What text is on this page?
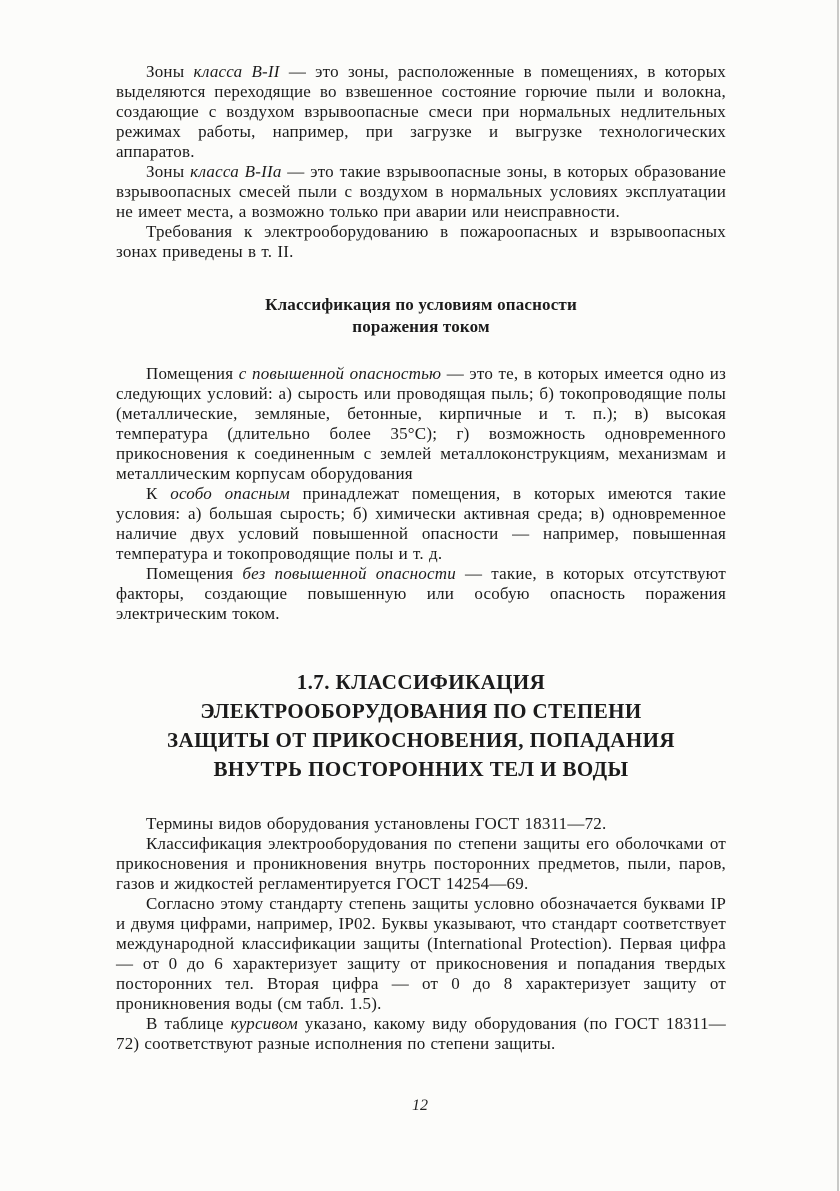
Зоны класса В-II — это зоны, расположенные в помещениях, в которых выделяются переходящие во взвешенное состояние горючие пыли и волокна, создающие с воздухом взрывоопасные смеси при нормальных недлительных режимах работы, например, при загрузке и выгрузке технологических аппаратов.

Зоны класса В-IIа — это такие взрывоопасные зоны, в которых образование взрывоопасных смесей пыли с воздухом в нормальных условиях эксплуатации не имеет места, а возможно только при аварии или неисправности.

Требования к электрооборудованию в пожароопасных и взрывоопасных зонах приведены в т. II.

Классификация по условиям опасности
поражения током

Помещения с повышенной опасностью — это те, в которых имеется одно из следующих условий: а) сырость или проводящая пыль; б) токопроводящие полы (металлические, земляные, бетонные, кирпичные и т. п.); в) высокая температура (длительно более 35°С); г) возможность одновременного прикосновения к соединенным с землей металлоконструкциям, механизмам и металлическим корпусам оборудования

К особо опасным принадлежат помещения, в которых имеются такие условия: а) большая сырость; б) химически активная среда; в) одновременное наличие двух условий повышенной опасности — например, повышенная температура и токопроводящие полы и т. д.

Помещения без повышенной опасности — такие, в которых отсутствуют факторы, создающие повышенную или особую опасность поражения электрическим током.

1.7. КЛАССИФИКАЦИЯ
ЭЛЕКТРООБОРУДОВАНИЯ ПО СТЕПЕНИ
ЗАЩИТЫ ОТ ПРИКОСНОВЕНИЯ, ПОПАДАНИЯ
ВНУТРЬ ПОСТОРОННИХ ТЕЛ И ВОДЫ

Термины видов оборудования установлены ГОСТ 18311—72.

Классификация электрооборудования по степени защиты его оболочками от прикосновения и проникновения внутрь посторонних предметов, пыли, паров, газов и жидкостей регламентируется ГОСТ 14254—69.

Согласно этому стандарту степень защиты условно обозначается буквами IP и двумя цифрами, например, IP02. Буквы указывают, что стандарт соответствует международной классификации защиты (International Protection). Первая цифра — от 0 до 6 характеризует защиту от прикосновения и попадания твердых посторонних тел. Вторая цифра — от 0 до 8 характеризует защиту от проникновения воды (см табл. 1.5).

В таблице курсивом указано, какому виду оборудования (по ГОСТ 18311—72) соответствуют разные исполнения по степени защиты.

12
